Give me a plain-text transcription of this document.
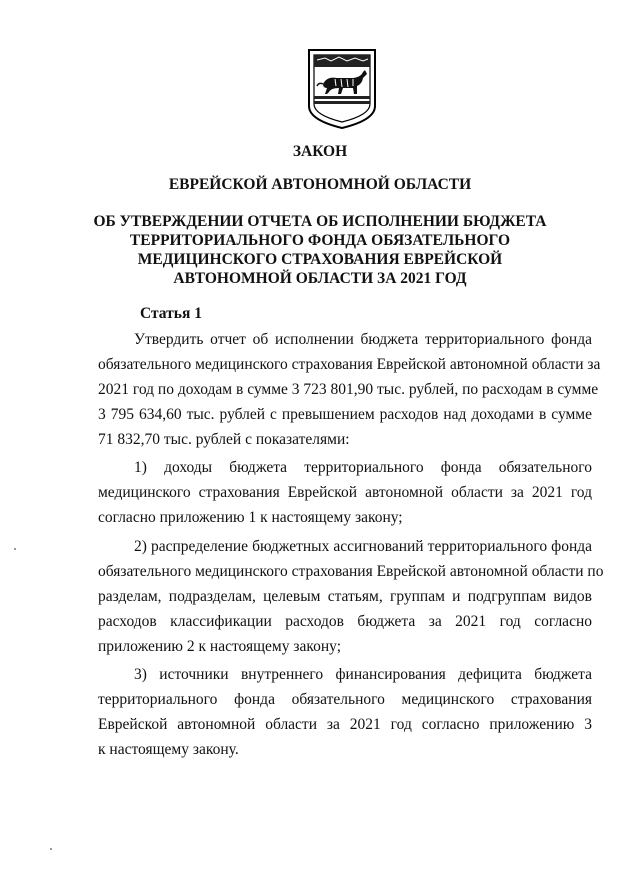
ЗАКОН
ЕВРЕЙСКОЙ АВТОНОМНОЙ ОБЛАСТИ
ОБ УТВЕРЖДЕНИИ ОТЧЕТА ОБ ИСПОЛНЕНИИ БЮДЖЕТА
ТЕРРИТОРИАЛЬНОГО ФОНДА ОБЯЗАТЕЛЬНОГО
МЕДИЦИНСКОГО СТРАХОВАНИЯ ЕВРЕЙСКОЙ
АВТОНОМНОЙ ОБЛАСТИ ЗА 2021 ГОД
Статья 1
Утвердить отчет об исполнении бюджета территориального фонда
обязательного медицинского страхования Еврейской автономной области за
2021 год по доходам в сумме 3 723 801,90 тыс. рублей, по расходам в сумме
3 795 634,60 тыс. рублей с превышением расходов над доходами в сумме
71 832,70 тыс. рублей с показателями:
1) доходы бюджета территориального фонда обязательного
медицинского страхования Еврейской автономной области за 2021 год
согласно приложению 1 к настоящему закону;
2) распределение бюджетных ассигнований территориального фонда
обязательного медицинского страхования Еврейской автономной области по
разделам, подразделам, целевым статьям, группам и подгруппам видов
расходов классификации расходов бюджета за 2021 год согласно
приложению 2 к настоящему закону;
3) источники внутреннего финансирования дефицита бюджета
территориального фонда обязательного медицинского страхования
Еврейской автономной области за 2021 год согласно приложению 3
к настоящему закону.
